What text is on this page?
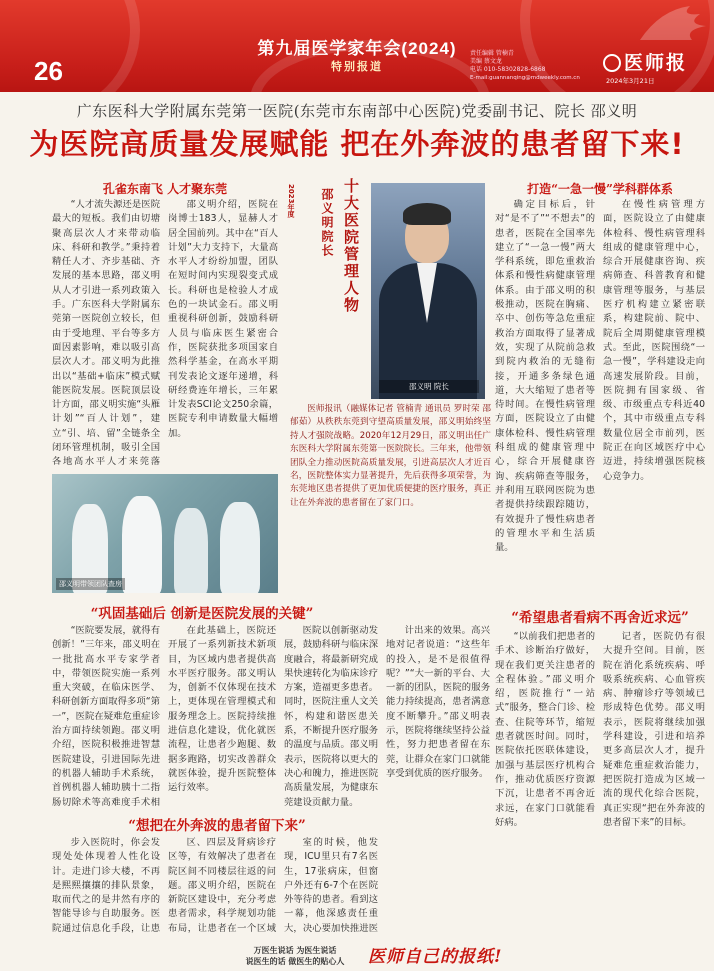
26
第九届医学家年会(2024)
特别报道
责任编辑 管楠青
美编 蔡文龙
电话 010-58302828-6868
E-mail:guannanqing@mdweekly.com.cn
医师报
2024年3月21日
广东医科大学附属东莞第一医院(东莞市东南部中心医院)党委副书记、院长 邵义明
为医院高质量发展赋能 把在外奔波的患者留下来!
孔雀东南飞 人才聚东莞
“人才流失源还是医院最大的短板。我们由切塘聚高层次人才来带动临床、科研和教学。”秉持着精任人才、齐步基础、齐发展的基本思路，邵义明从人才引进一系列政策入手。广东医科大学附属东莞第一医院创立较长，但由于受地理、平台等多方面因素影响，难以吸引高层次人才。邵义明为此推出以“基础+临床”模式赋能医院发展。医院顶层设计方面，邵义明实施“头雁计划”“百人计划”，建立“引、培、留”全链条全闭环管理机制，吸引全国各地高水平人才来莞落
邵义明介绍，医院在岗博士183人，显赫人才居全国前列。其中在“百人计划”大力支持下，大量高水平人才纷纷加盟，团队在短时间内实现裂变式成长。科研也是检验人才成色的一块试金石。邵义明重视科研创新，鼓励科研人员与临床医生紧密合作，医院获批多项国家自然科学基金，在高水平期刊发表论文逐年递增，科研经费连年增长，三年累计发表SCI论文250余篇，医院专利申请数量大幅增加。
2023年度	十大医院管理人物
邵义明院长
邵义明 院长
医师报讯（融媒体记者 管楠青 通讯员 罗时荣 邵郁茹）从秩秩东莞到守望高质量发展，邵义明始终坚持人才强院战略。2020年12月29日，邵义明出任广东医科大学附属东莞第一医院院长。三年来，他带领团队全力推动医院高质量发展，引进高层次人才近百名，医院整体实力显著提升，先后获得多项荣誉，为东莞地区患者提供了更加优质便捷的医疗服务，真正让在外奔波的患者留在了家门口。
打造“一急一慢”学科群体系
确定目标后，针对“是不了”“不想去”的患者，医院在全国率先建立了“一急一慢”两大学科系统，即危重救治体系和慢性病健康管理体系。由于邵义明的积极推动，医院在胸痛、卒中、创伤等急危重症救治方面取得了显著成效，实现了从院前急救到院内救治的无缝衔接，开通多条绿色通道，大大缩短了患者等待时间。在慢性病管理方面，医院设立了由健康体检科、慢性病管理科组成的健康管理中心，综合开展健康咨询、疾病筛查等服务，并利用互联网医院为患者提供持续跟踪随访，有效提升了慢性病患者的管理水平和生活质量。
在慢性病管理方面，医院设立了由健康体检科、慢性病管理科组成的健康管理中心，综合开展健康咨询、疾病筛查、科普教育和健康管理等服务，与基层医疗机构建立紧密联系，构建院前、院中、院后全周期健康管理模式。至此，医院围绕“一急一慢”，学科建设走向高速发展阶段。目前，医院拥有国家级、省级、市级重点专科近40个，其中市级重点专科数量位居全市前列，医院正在向区域医疗中心迈进，持续增强医院核心竞争力。
邵义明带领团队查房
“巩固基础后 创新是医院发展的关键”
“医院要发展，就得有创新！”三年来，邵义明在一批批高水平专家学者中，带领医院实施一系列重大突破，在临床医学、科研创新方面取得多项“第一”，医院在疑难危重症诊治方面持续领跑。邵义明介绍，医院积极推进智慧医院建设，引进国际先进的机器人辅助手术系统，首例机器人辅助胰十二指肠切除术等高难度手术相
在此基础上，医院还开展了一系列新技术新项目，为区域内患者提供高水平医疗服务。邵义明认为，创新不仅体现在技术上，更体现在管理模式和服务理念上。医院持续推进信息化建设，优化就医流程，让患者少跑腿、数据多跑路，切实改善群众就医体验，提升医院整体运行效率。
医院以创新驱动发展，鼓励科研与临床深度融合，将最新研究成果快速转化为临床诊疗方案，造福更多患者。同时，医院注重人文关怀，构建和谐医患关系，不断提升医疗服务的温度与品质。邵义明表示，医院将以更大的决心和魄力，推进医院高质量发展，为健康东莞建设贡献力量。
计出来的效果。高兴地对记者说道：“这些年的投入，是不是很值得呢？”“大一新的平台、大一新的团队，医院的服务能力持续提高，患者满意度不断攀升。”邵义明表示，医院将继续坚持公益性，努力把患者留在东莞，让群众在家门口就能享受到优质的医疗服务。
“希望患者看病不再舍近求远”
“以前我们把患者的手术、诊断治疗做好，现在我们更关注患者的全程体验。”邵义明介绍，医院推行“一站式”服务，整合门诊、检查、住院等环节，缩短患者就医时间。同时，医院依托医联体建设，加强与基层医疗机构合作，推动优质医疗资源下沉，让患者不再舍近求远，在家门口就能看好病。
记者，医院仍有很大提升空间。目前，医院在消化系统疾病、呼吸系统疾病、心血管疾病、肿瘤诊疗等领域已形成特色优势。邵义明表示，医院将继续加强学科建设，引进和培养更多高层次人才，提升疑难危重症救治能力，把医院打造成为区域一流的现代化综合医院，真正实现“把在外奔波的患者留下来”的目标。
“想把在外奔波的患者留下来”
步入医院时，你会发现处处体现着人性化设计。走进门诊大楼，不再是熙熙攘攘的排队景象，取而代之的是井然有序的智能导诊与自助服务。医院通过信息化手段，让患
区、四层及肾病诊疗区等，有效解决了患者在院区间不同楼层往返的问题。邵义明介绍，医院在新院区建设中，充分考虑患者需求，科学规划功能布局，让患者在一个区域
室的时候，他发现，ICU里只有7名医生，17张病床，但窗户外还有6-7个在医院外等待的患者。看到这一幕，他深感责任重大，决心要加快推进医
万医生说话 为医生说话
说医生的话 做医生的贴心人	医师自己的报纸!
